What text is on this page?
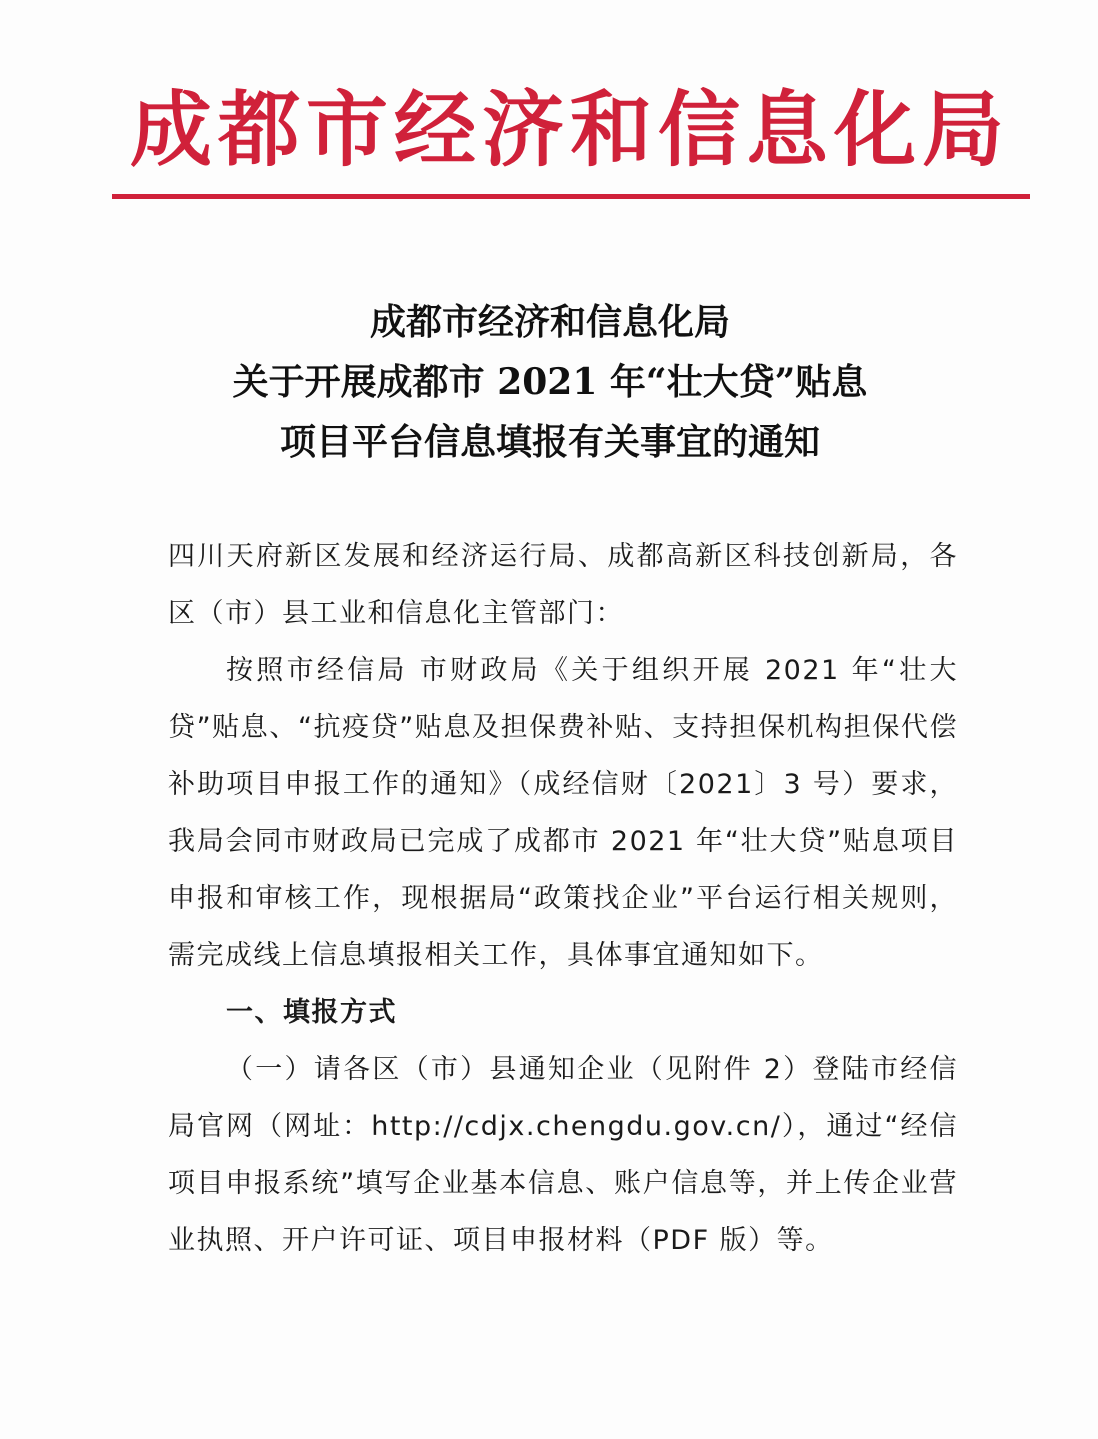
成都市经济和信息化局
成都市经济和信息化局
关于开展成都市 2021 年“壮大贷”贴息
项目平台信息填报有关事宜的通知

四川天府新区发展和经济运行局、成都高新区科技创新局，各区（市）县工业和信息化主管部门：

按照市经信局 市财政局《关于组织开展 2021 年“壮大贷”贴息、“抗疫贷”贴息及担保费补贴、支持担保机构担保代偿补助项目申报工作的通知》（成经信财〔2021〕3 号）要求，我局会同市财政局已完成了成都市 2021 年“壮大贷”贴息项目申报和审核工作，现根据局“政策找企业”平台运行相关规则，需完成线上信息填报相关工作，具体事宜通知如下。

一、填报方式

（一）请各区（市）县通知企业（见附件 2）登陆市经信局官网（网址：http://cdjx.chengdu.gov.cn/），通过“经信项目申报系统”填写企业基本信息、账户信息等，并上传企业营业执照、开户许可证、项目申报材料（PDF 版）等。
